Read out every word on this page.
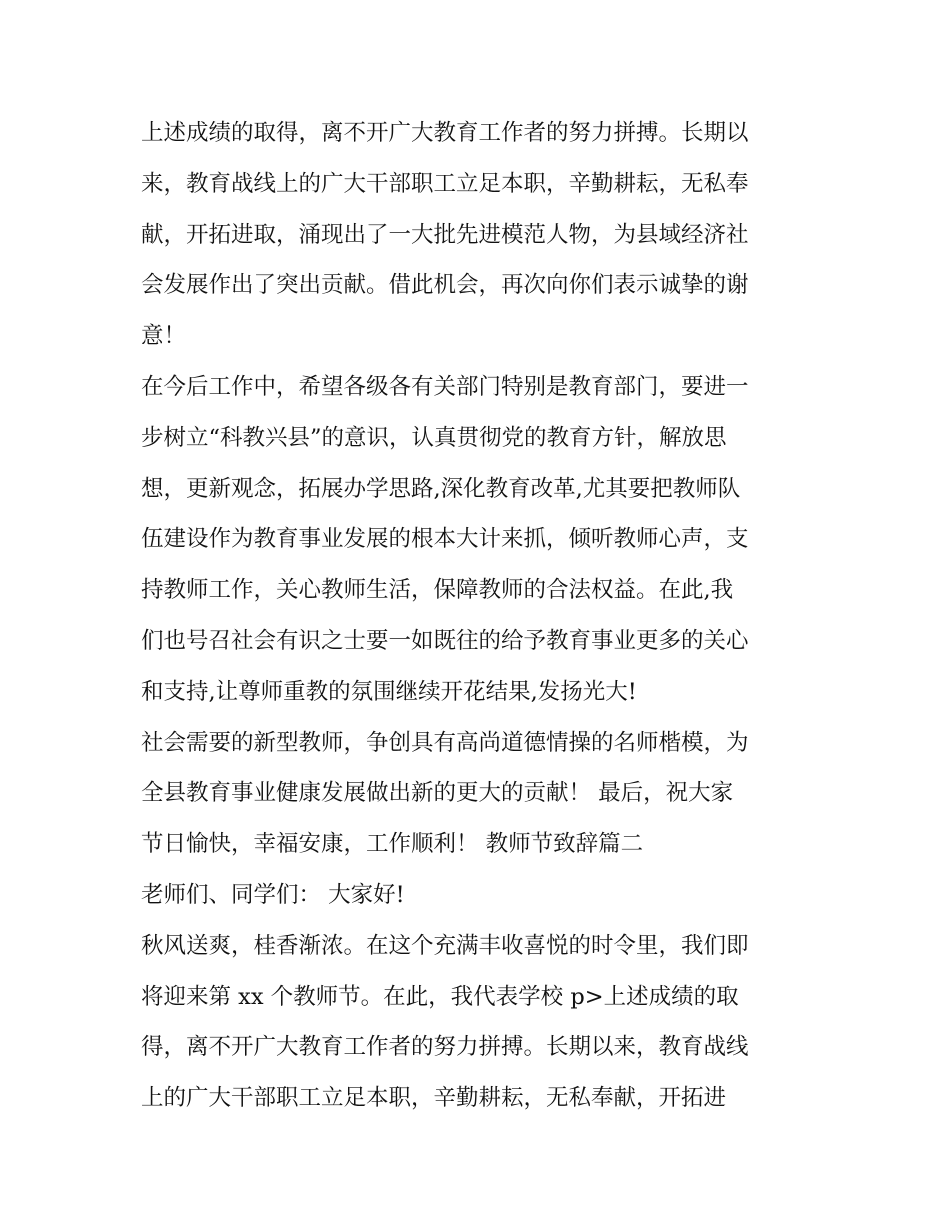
上述成绩的取得，离不开广大教育工作者的努力拼搏。长期以
来，教育战线上的广大干部职工立足本职，辛勤耕耘，无私奉
献，开拓进取，涌现出了一大批先进模范人物，为县域经济社
会发展作出了突出贡献。借此机会，再次向你们表示诚挚的谢
意！
在今后工作中，希望各级各有关部门特别是教育部门，要进一
步树立“科教兴县”的意识，认真贯彻党的教育方针，解放思
想，更新观念，拓展办学思路,深化教育改革,尤其要把教师队
伍建设作为教育事业发展的根本大计来抓，倾听教师心声，支
持教师工作，关心教师生活，保障教师的合法权益。在此,我
们也号召社会有识之士要一如既往的给予教育事业更多的关心
和支持,让尊师重教的氛围继续开花结果,发扬光大!
社会需要的新型教师，争创具有高尚道德情操的名师楷模，为
全县教育事业健康发展做出新的更大的贡献！ 最后，祝大家
节日愉快，幸福安康，工作顺利！ 教师节致辞篇二
老师们、同学们： 大家好!
秋风送爽，桂香渐浓。在这个充满丰收喜悦的时令里，我们即
将迎来第 xx 个教师节。在此，我代表学校 p>上述成绩的取
得，离不开广大教育工作者的努力拼搏。长期以来，教育战线
上的广大干部职工立足本职，辛勤耕耘，无私奉献，开拓进
